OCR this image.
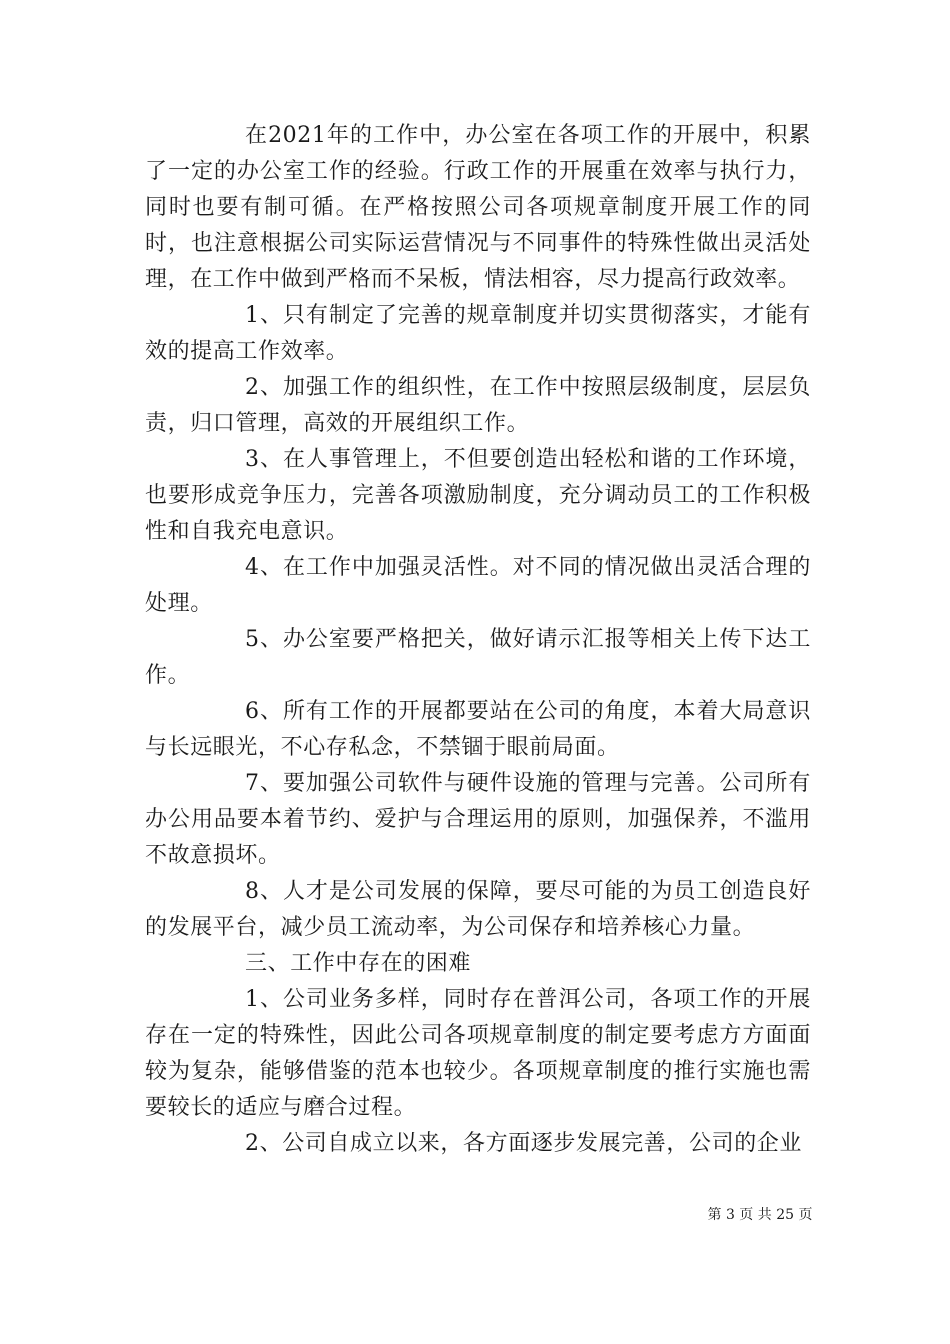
在2021年的工作中，办公室在各项工作的开展中，积累了一定的办公室工作的经验。行政工作的开展重在效率与执行力，同时也要有制可循。在严格按照公司各项规章制度开展工作的同时，也注意根据公司实际运营情况与不同事件的特殊性做出灵活处理，在工作中做到严格而不呆板，情法相容，尽力提高行政效率。

1、只有制定了完善的规章制度并切实贯彻落实，才能有效的提高工作效率。

2、加强工作的组织性，在工作中按照层级制度，层层负责，归口管理，高效的开展组织工作。

3、在人事管理上，不但要创造出轻松和谐的工作环境，也要形成竞争压力，完善各项激励制度，充分调动员工的工作积极性和自我充电意识。

4、在工作中加强灵活性。对不同的情况做出灵活合理的处理。

5、办公室要严格把关，做好请示汇报等相关上传下达工作。

6、所有工作的开展都要站在公司的角度，本着大局意识与长远眼光，不心存私念，不禁锢于眼前局面。

7、要加强公司软件与硬件设施的管理与完善。公司所有办公用品要本着节约、爱护与合理运用的原则，加强保养，不滥用不故意损坏。

8、人才是公司发展的保障，要尽可能的为员工创造良好的发展平台，减少员工流动率，为公司保存和培养核心力量。

三、工作中存在的困难

1、公司业务多样，同时存在普洱公司，各项工作的开展存在一定的特殊性，因此公司各项规章制度的制定要考虑方方面面较为复杂，能够借鉴的范本也较少。各项规章制度的推行实施也需要较长的适应与磨合过程。

2、公司自成立以来，各方面逐步发展完善，公司的企业

第 3 页 共 25 页
